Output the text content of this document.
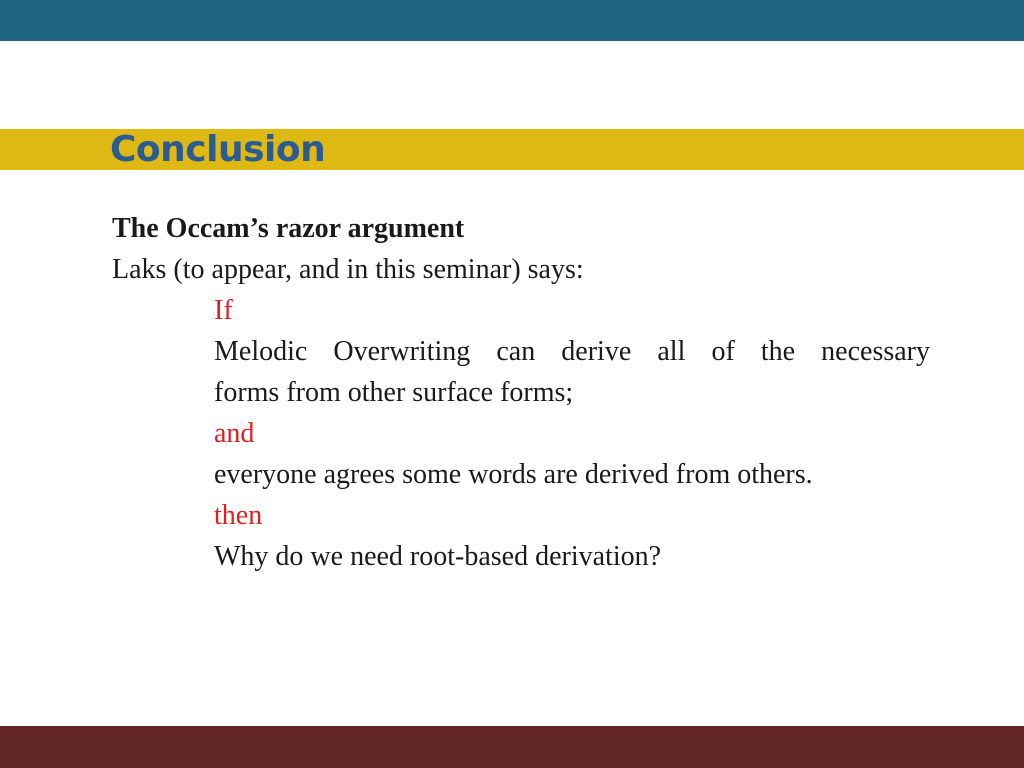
Conclusion
The Occam’s razor argument
Laks (to appear, and in this seminar) says:
If
Melodic Overwriting can derive all of the necessary
forms from other surface forms;
and
everyone agrees some words are derived from others.
then
Why do we need root-based derivation?
